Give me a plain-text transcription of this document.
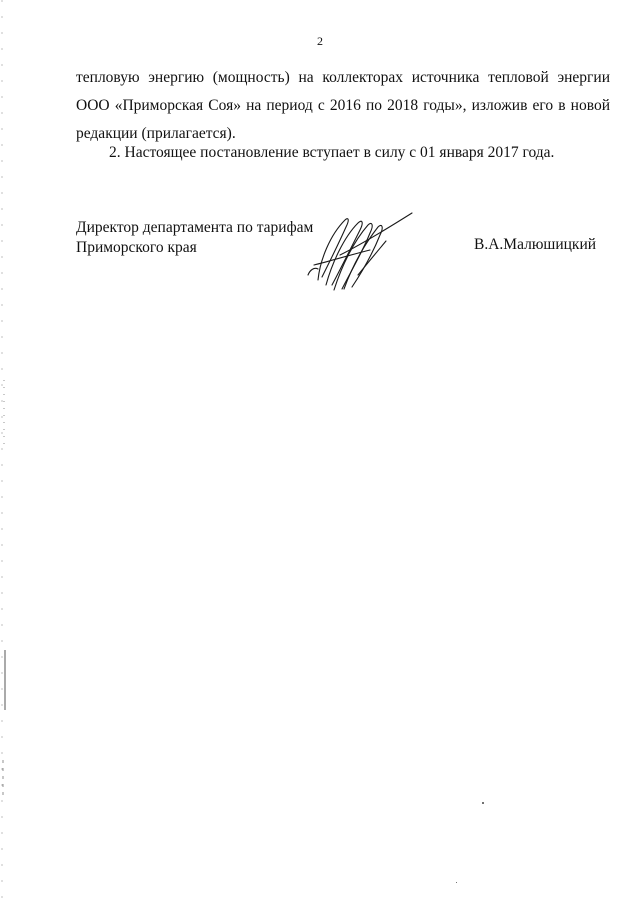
2
тепловую энергию (мощность) на коллекторах источника тепловой энергии
ООО «Приморская Соя» на период с 2016 по 2018 годы», изложив его в новой
редакции (прилагается).
2. Настоящее постановление вступает в силу с 01 января 2017 года.
Директор департамента по тарифам
Приморского края	В.А.Малюшицкий
